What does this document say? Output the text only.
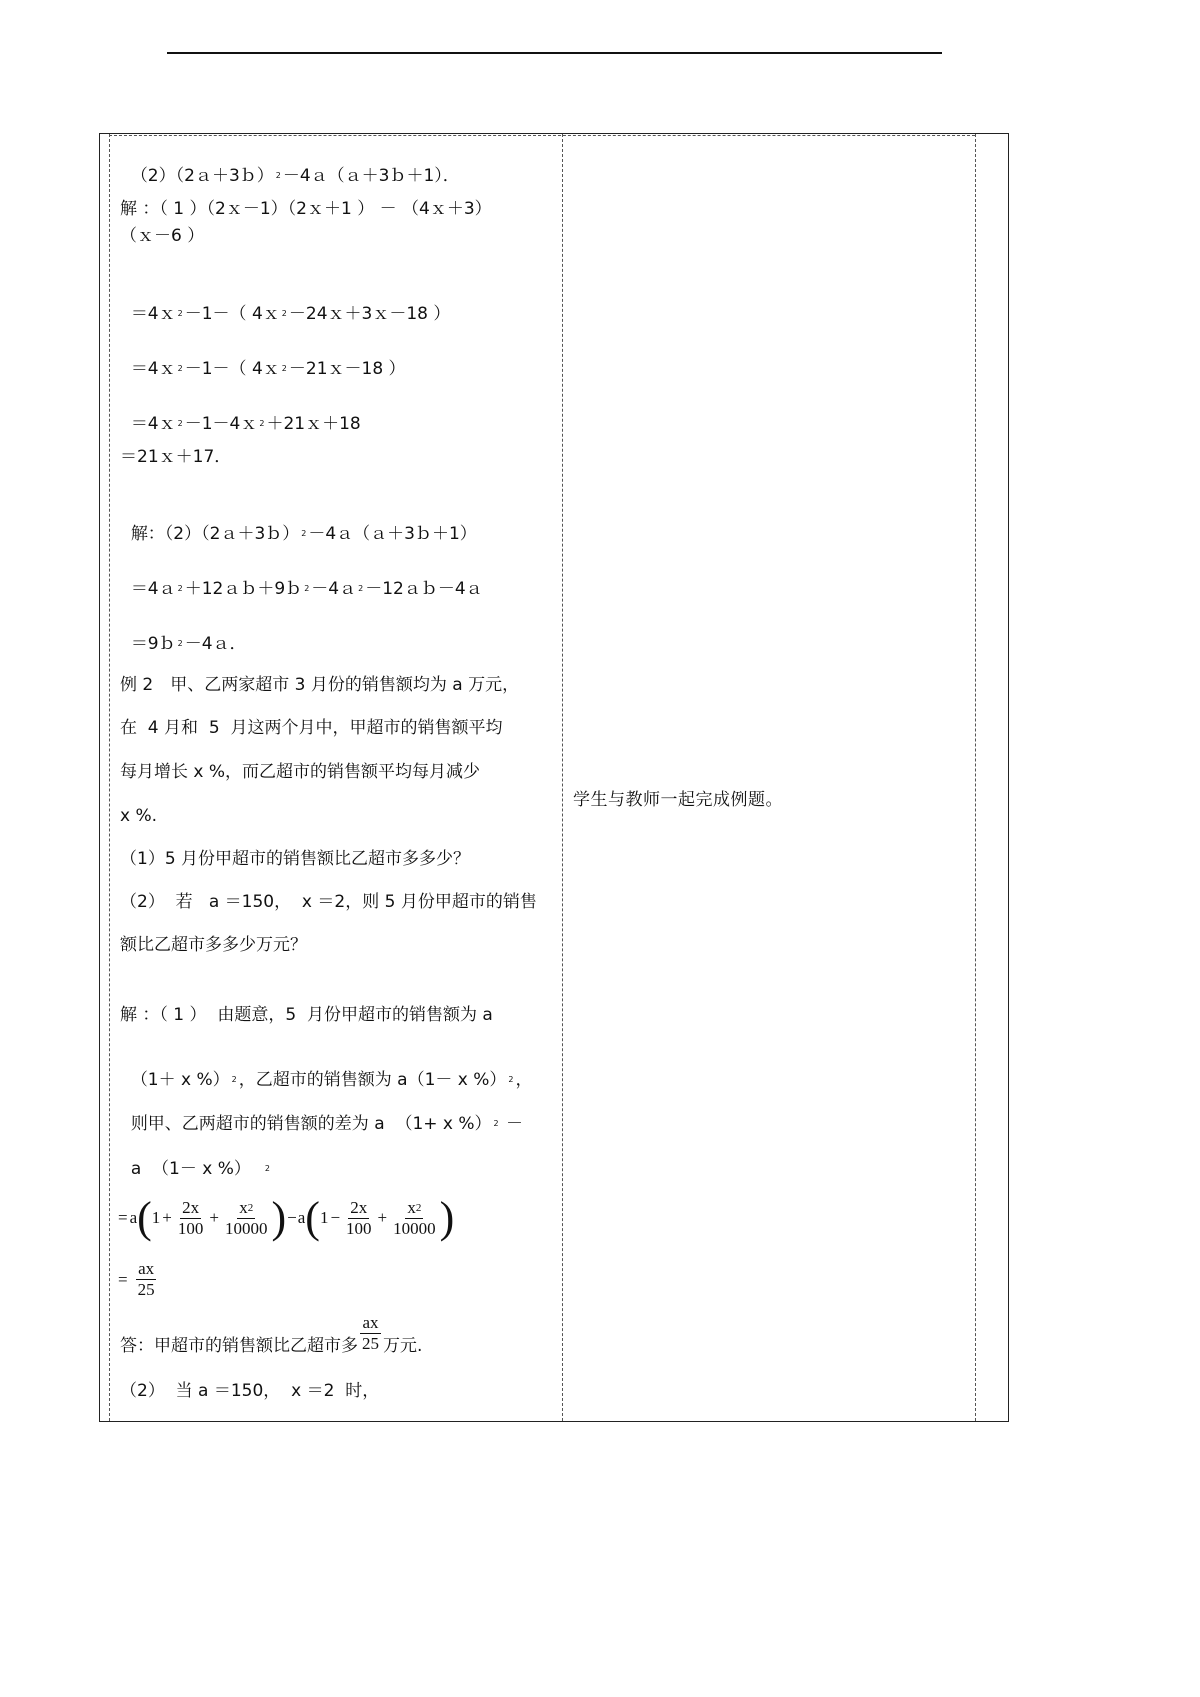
学生与教师一起完成例题。

（2）（2ａ＋3ｂ） $^2$ －4ａ（ａ＋3ｂ＋1）．

解 ：（ 1 ）（2ｘ－1）（2ｘ＋1 ） － （4ｘ＋3）
（ｘ－6 ）

＝4ｘ $^2$ －1－（ 4ｘ $^2$ －24ｘ＋3ｘ－18 ）

＝4ｘ $^2$ －1－（ 4ｘ $^2$ －21ｘ－18 ）

＝4ｘ $^2$ －1－4ｘ $^2$ ＋21ｘ＋18

＝21ｘ＋17．

解：（2）（2ａ＋3ｂ） $^2$ －4ａ（ａ＋3ｂ＋1）

＝4ａ $^2$ ＋12ａｂ＋9ｂ $^2$ －4ａ $^2$ －12ａｂ－4ａ

＝9ｂ $^2$ －4ａ．

例 2　甲、乙两家超市 3 月份的销售额均为 a 万元，
在  4 月和  5  月这两个月中，甲超市的销售额平均
每月增长 x %，而乙超市的销售额平均每月减少
x %.
（1）5 月份甲超市的销售额比乙超市多多少？
（2）  若   a ＝150，  x ＝2，则 5 月份甲超市的销售
额比乙超市多多少万元？
解 ：（ 1 ）  由题意，5  月份甲超市的销售额为 a

（1＋ x %） $^2$ ，乙超市的销售额为 a（1－ x %） $^2$ ，

则甲、乙两超市的销售额的差为 a  （1+ x %） $^2$ －

a  （1－ x %） $^2$

= a ( $1 + \frac{2x}{100} + \frac{x^2}{10000}$ ) − a ( $1 - \frac{2x}{100} + \frac{x^2}{10000}$ )
= $\frac{ax}{25}$
答：甲超市的销售额比乙超市多 $\frac{ax}{25}$ 万元.
（2）  当 a ＝150，  x ＝2  时，
